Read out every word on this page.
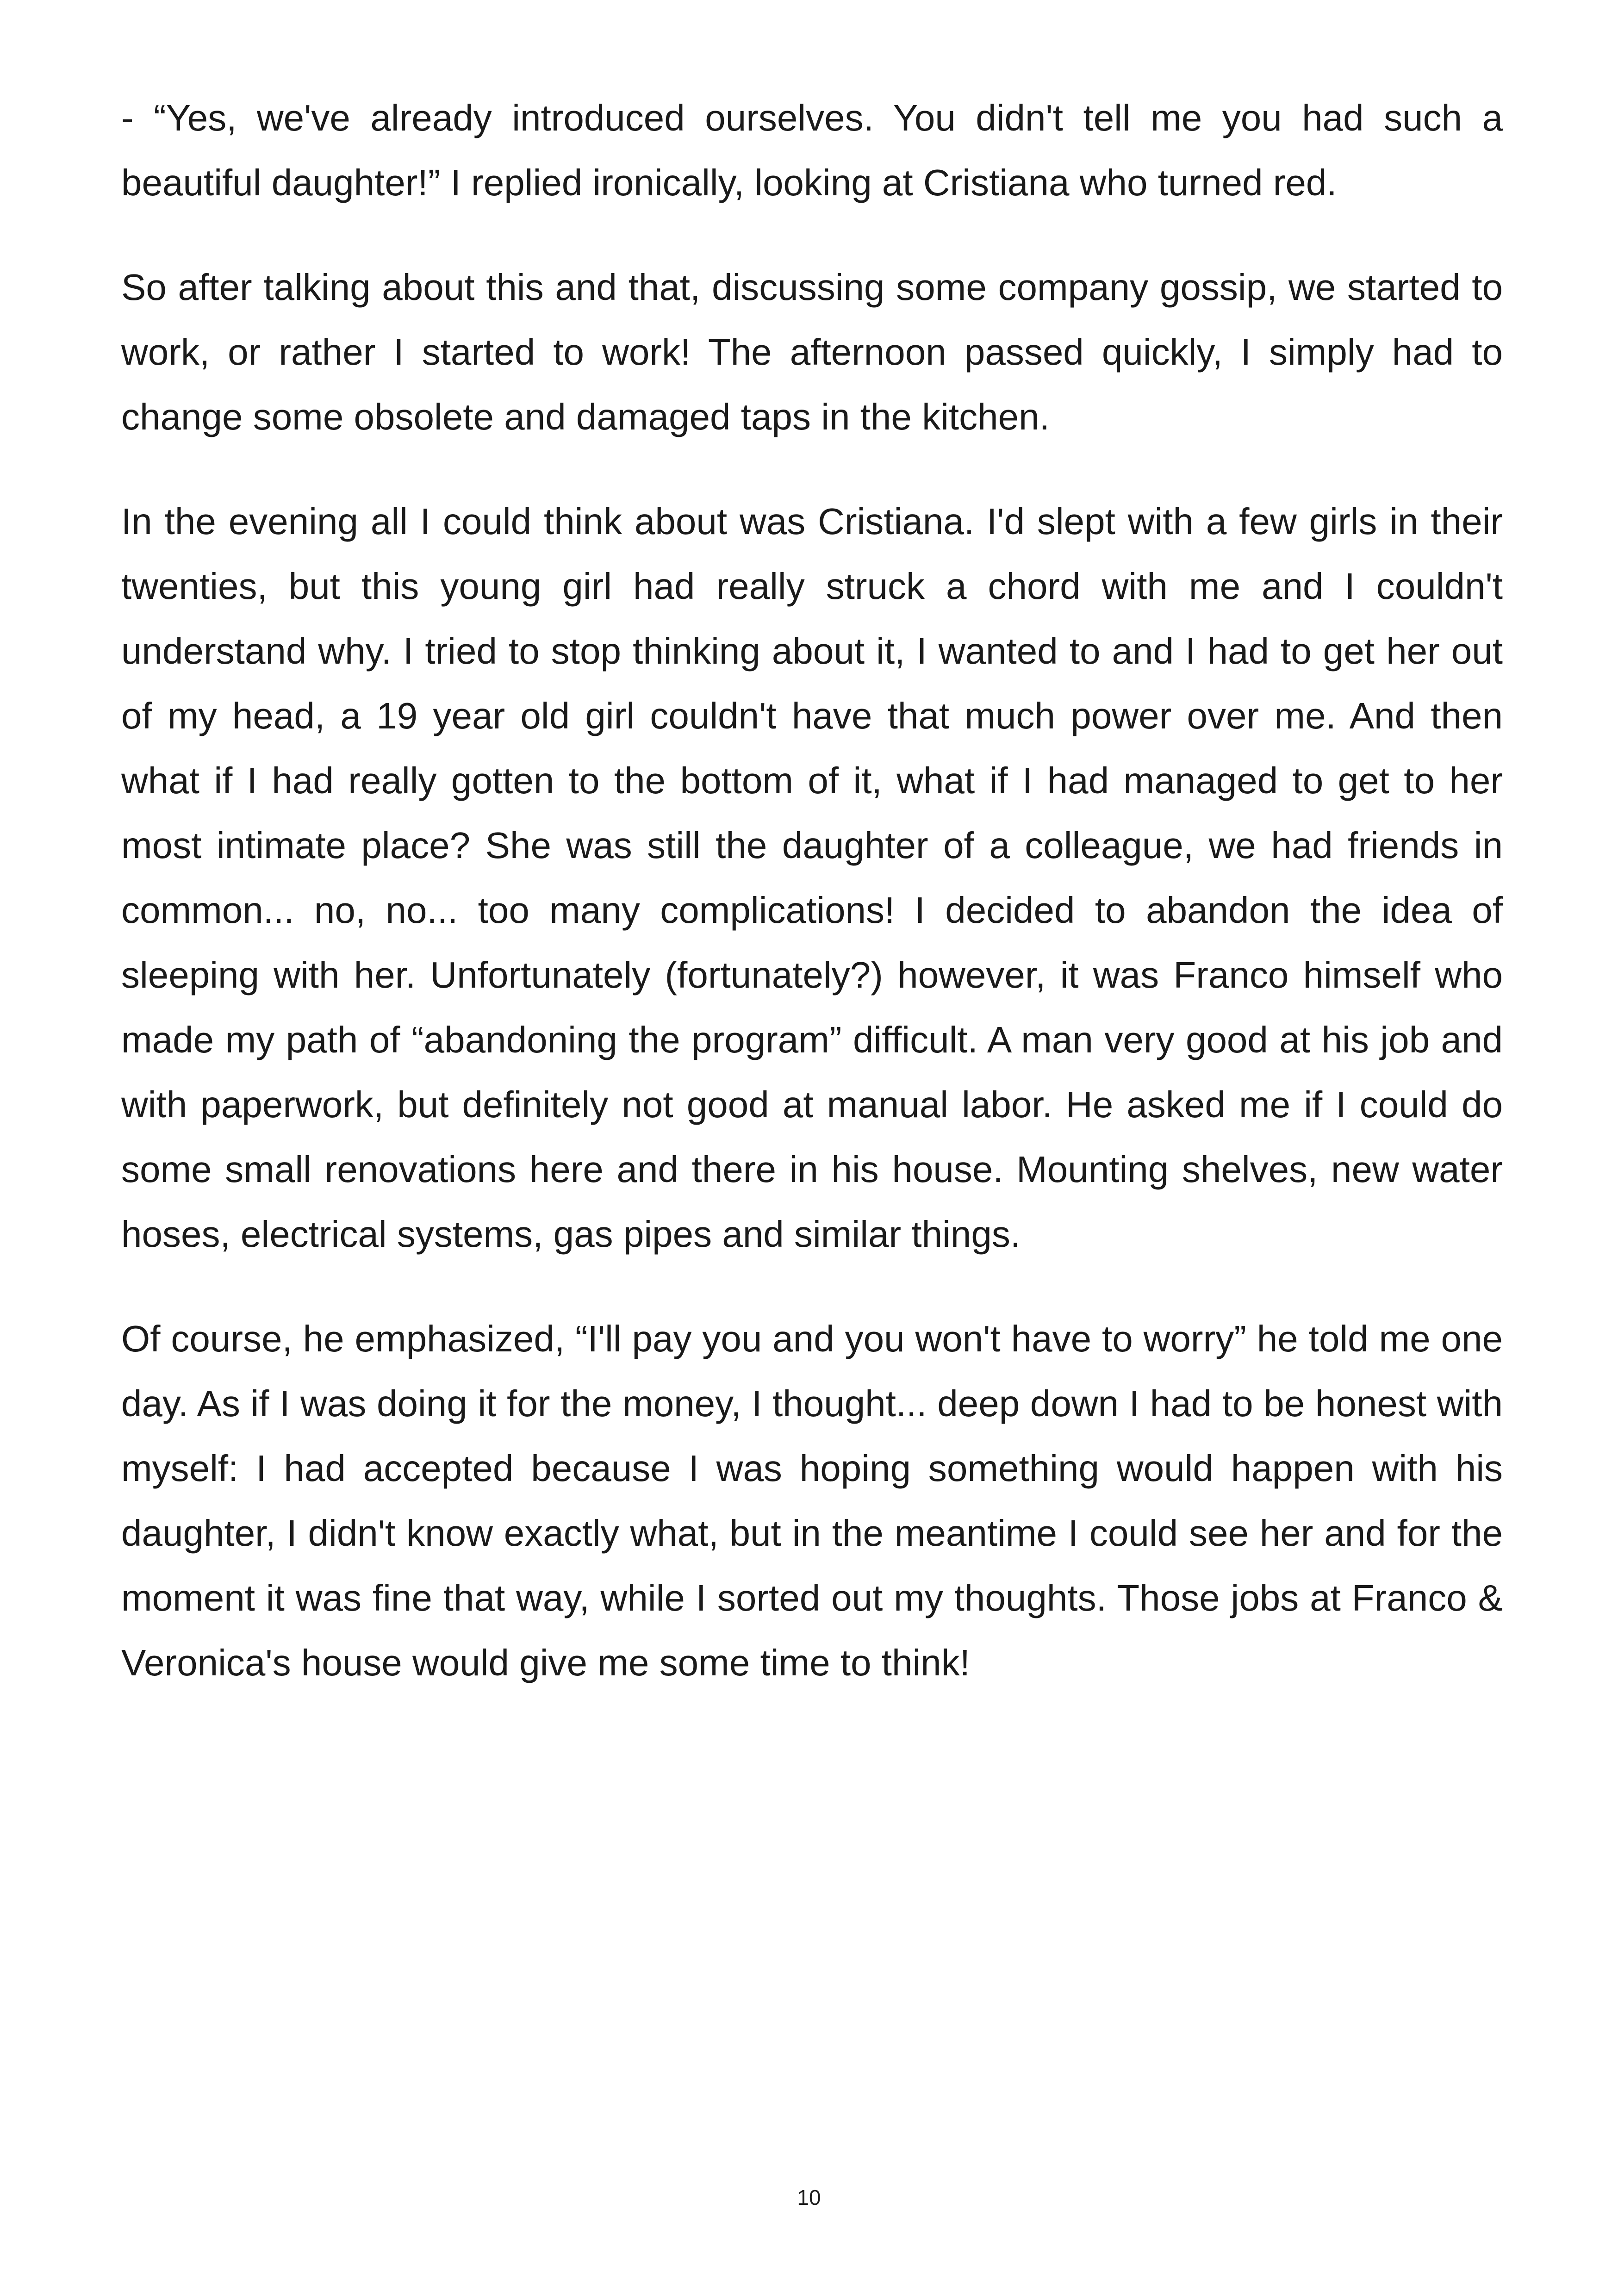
- “Yes, we've already introduced ourselves. You didn't tell me you had such a beautiful daughter!” I replied ironically, looking at Cristiana who turned red.

So after talking about this and that, discussing some company gossip, we started to work, or rather I started to work! The afternoon passed quickly, I simply had to change some obsolete and damaged taps in the kitchen.

In the evening all I could think about was Cristiana. I'd slept with a few girls in their twenties, but this young girl had really struck a chord with me and I couldn't understand why. I tried to stop thinking about it, I wanted to and I had to get her out of my head, a 19 year old girl couldn't have that much power over me. And then what if I had really gotten to the bottom of it, what if I had managed to get to her most intimate place? She was still the daughter of a colleague, we had friends in common... no, no... too many complications! I decided to abandon the idea of sleeping with her. Unfortunately (fortunately?) however, it was Franco himself who made my path of “abandoning the program” difficult. A man very good at his job and with paperwork, but definitely not good at manual labor. He asked me if I could do some small renovations here and there in his house. Mounting shelves, new water hoses, electrical systems, gas pipes and similar things.

Of course, he emphasized, “I'll pay you and you won't have to worry” he told me one day. As if I was doing it for the money, I thought... deep down I had to be honest with myself: I had accepted because I was hoping something would happen with his daughter, I didn't know exactly what, but in the meantime I could see her and for the moment it was fine that way, while I sorted out my thoughts. Those jobs at Franco & Veronica's house would give me some time to think!

10
